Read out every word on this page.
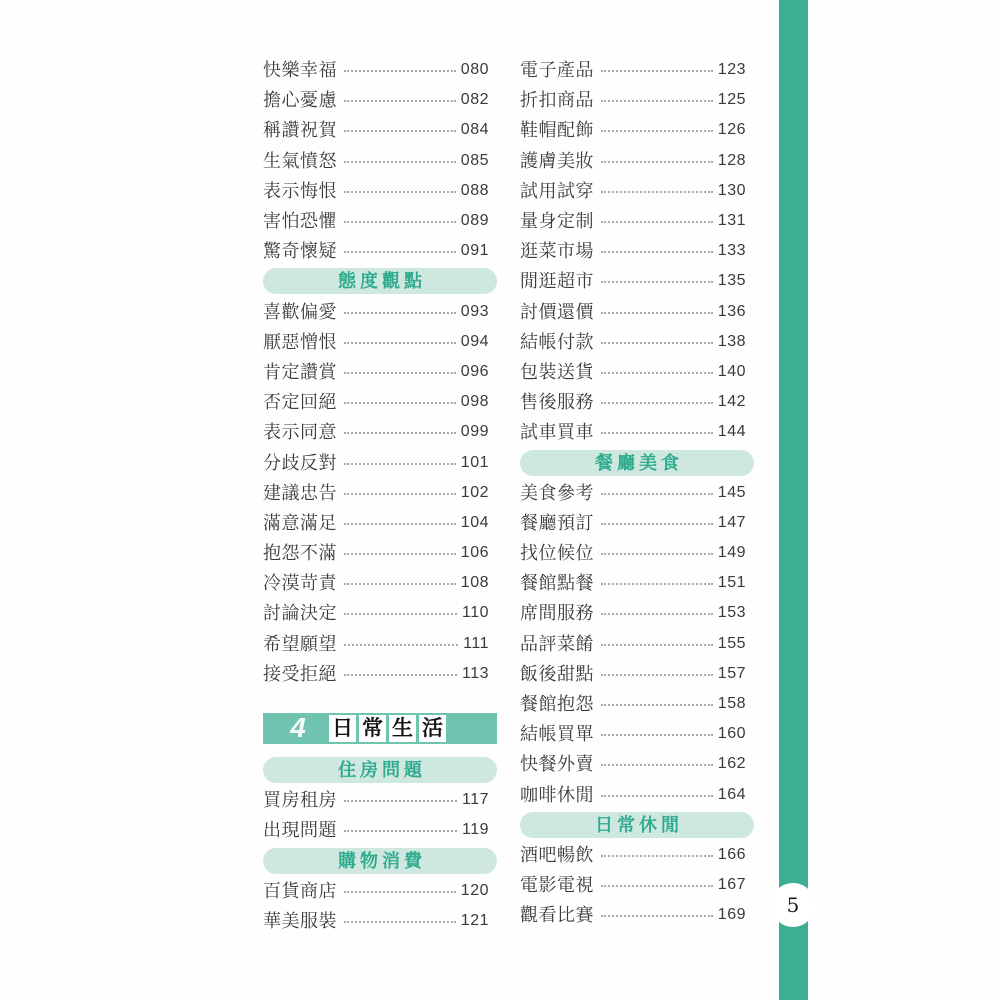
快樂幸福	080
擔心憂慮	082
稱讚祝賀	084
生氣憤怒	085
表示悔恨	088
害怕恐懼	089
驚奇懷疑	091
態度觀點
喜歡偏愛	093
厭惡憎恨	094
肯定讚賞	096
否定回絕	098
表示同意	099
分歧反對	101
建議忠告	102
滿意滿足	104
抱怨不滿	106
冷漠苛責	108
討論決定	110
希望願望	111
接受拒絕	113
4 日 常 生 活
住房問題
買房租房	117
出現問題	119
購物消費
百貨商店	120
華美服裝	121
電子產品	123
折扣商品	125
鞋帽配飾	126
護膚美妝	128
試用試穿	130
量身定制	131
逛菜市場	133
閒逛超市	135
討價還價	136
結帳付款	138
包裝送貨	140
售後服務	142
試車買車	144
餐廳美食
美食參考	145
餐廳預訂	147
找位候位	149
餐館點餐	151
席間服務	153
品評菜餚	155
飯後甜點	157
餐館抱怨	158
結帳買單	160
快餐外賣	162
咖啡休閒	164
日常休閒
酒吧暢飲	166
電影電視	167
觀看比賽	169 5
